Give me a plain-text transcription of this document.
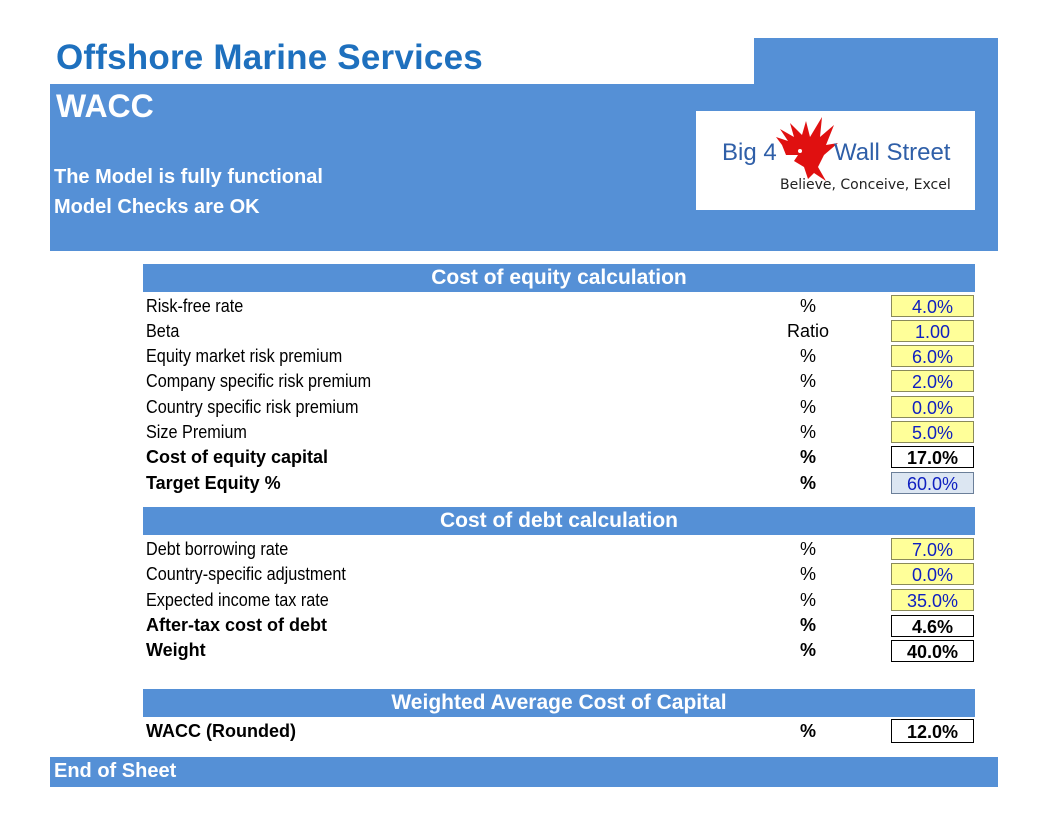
Offshore Marine Services
WACC
The Model is fully functional
Model Checks are OK
Big 4 Wall Street
Believe, Conceive, Excel
Cost of equity calculation
Risk-free rate	%	4.0%
Beta	Ratio	1.00
Equity market risk premium	%	6.0%
Company specific risk premium	%	2.0%
Country specific risk premium	%	0.0%
Size Premium	%	5.0%
Cost of equity capital	%	17.0%
Target Equity %	%	60.0%
Cost of debt calculation
Debt borrowing rate	%	7.0%
Country-specific adjustment	%	0.0%
Expected income tax rate	%	35.0%
After-tax cost of debt	%	4.6%
Weight	%	40.0%
Weighted Average Cost of Capital
WACC (Rounded)	%	12.0%
End of Sheet
